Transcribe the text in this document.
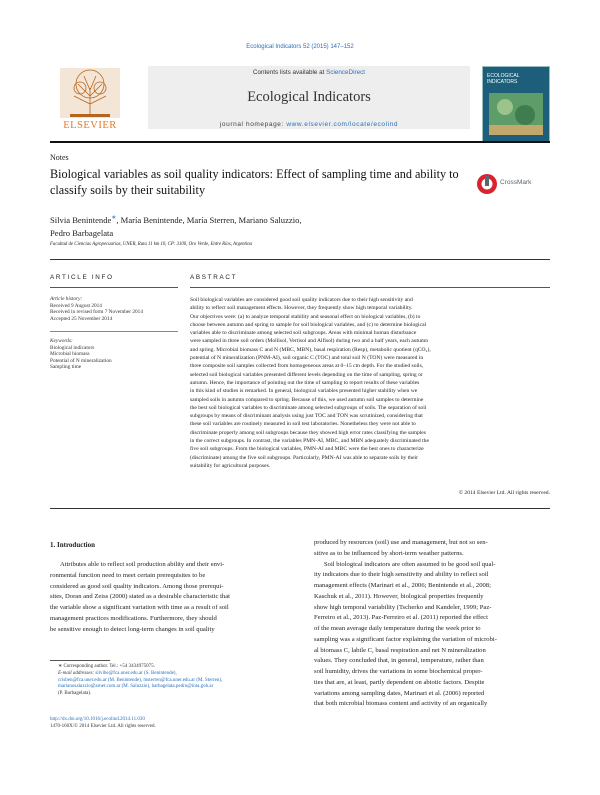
Ecological Indicators 52 (2015) 147–152
ELSEVIER
Contents lists available at ScienceDirect
Ecological Indicators
journal homepage: www.elsevier.com/locate/ecolind
ECOLOGICAL INDICATORS
Notes
Biological variables as soil quality indicators: Effect of sampling time and ability to classify soils by their suitability
CrossMark
Silvia Benintende∗, María Benintende, María Sterren, Mariano Saluzzio,
Pedro Barbagelata
Facultad de Ciencias Agropecuarias, UNER, Ruta 11 km 10, CP: 3100, Oro Verde, Entre Ríos, Argentina
ARTICLE INFO	ABSTRACT
Article history:
Received 9 August 2014
Received in revised form 7 November 2014
Accepted 25 November 2014
Keywords:
Biological indicators
Microbial biomass
Potential of N mineralization
Sampling time
Soil biological variables are considered good soil quality indicators due to their high sensitivity and
ability to reflect soil management effects. However, they frequently show high temporal variability.
Our objectives were: (a) to analyze temporal stability and seasonal effect on biological variables, (b) to
choose between autumn and spring to sample for soil biological variables, and (c) to determine biological
variables able to discriminate among selected soil subgroups. Areas with minimal human disturbance
were sampled in three soil orders (Mollisol, Vertisol and Alfisol) during two and a half years, each autumn
and spring. Microbial biomass C and N (MBC, MBN), basal respiration (Resp), metabolic quotient (qCO₂),
potential of N mineralization (PNM-AI), soil organic C (TOC) and total soil N (TON) were measured in
three composite soil samples collected from homogeneous areas at 0–15 cm depth. For the studied soils,
selected soil biological variables presented different levels depending on the time of sampling, spring or
autumn. Hence, the importance of pointing out the time of sampling to report results of these variables
in this kind of studies is remarked. In general, biological variables presented higher stability when we
sampled soils in autumn compared to spring. Because of this, we used autumn soil samples to determine
the best soil biological variables to discriminate among selected subgroups of soils. The separation of soil
subgroups by means of discriminant analysis using just TOC and TON was scrutinized, considering that
these soil variables are routinely measured in soil test laboratories. Nonetheless they were not able to
discriminate properly among soil subgroups because they showed high error rates classifying the samples
in the correct subgroups. In contrast, the variables PMN-AI, MBC, and MBN adequately discriminated the
five soil subgroups. From the biological variables, PMN-AI and MBC were the best ones to characterize
(discriminate) among the five soil subgroups. Particularly, PMN-AI was able to separate soils by their
suitability for agricultural purposes.
© 2014 Elsevier Ltd. All rights reserved.
1. Introduction
Attributes able to reflect soil production ability and their envi-
ronmental function need to meet certain prerequisites to be
considered as good soil quality indicators. Among those prerequi-
sites, Doran and Zeiss (2000) stated as a desirable characteristic that
the variable show a significant variation with time as a result of soil
management practices modifications. Furthermore, they should
be sensitive enough to detect long-term changes in soil quality
∗ Corresponding author. Tel.: +54 3434975075.
E-mail addresses: silvibe@fca.uner.edu.ar (S. Benintende),
crisben@fca.uner.edu.ar (M. Benintende), msterren@fca.uner.edu.ar (M. Sterren),
marianosaluzzio@arnet.com.ar (M. Saluzzio), barbagelata.pedro@inta.gob.ar
(P. Barbagelata).
http://dx.doi.org/10.1016/j.ecolind.2014.11.030
1470-160X/© 2014 Elsevier Ltd. All rights reserved.
produced by resources (soil) use and management, but not so sen-
sitive as to be influenced by short-term weather patterns.
Soil biological indicators are often assumed to be good soil qual-
ity indicators due to their high sensitivity and ability to reflect soil
management effects (Marinari et al., 2006; Benintende et al., 2008;
Kaschuk et al., 2011). However, biological properties frequently
show high temporal variability (Tscherko and Kandeler, 1999; Paz-
Ferreiro et al., 2013). Paz-Ferreiro et al. (2011) reported the effect
of the mean average daily temperature during the week prior to
sampling was a significant factor explaining the variation of microbi-
al biomass C, labile C, basal respiration and net N mineralization
values. They concluded that, in general, temperature, rather than
soil humidity, drives the variations in some biochemical proper-
ties that are, at least, partly dependent on abiotic factors. Despite
variations among sampling dates, Marinari et al. (2006) reported
that both microbial biomass content and activity of an organically
